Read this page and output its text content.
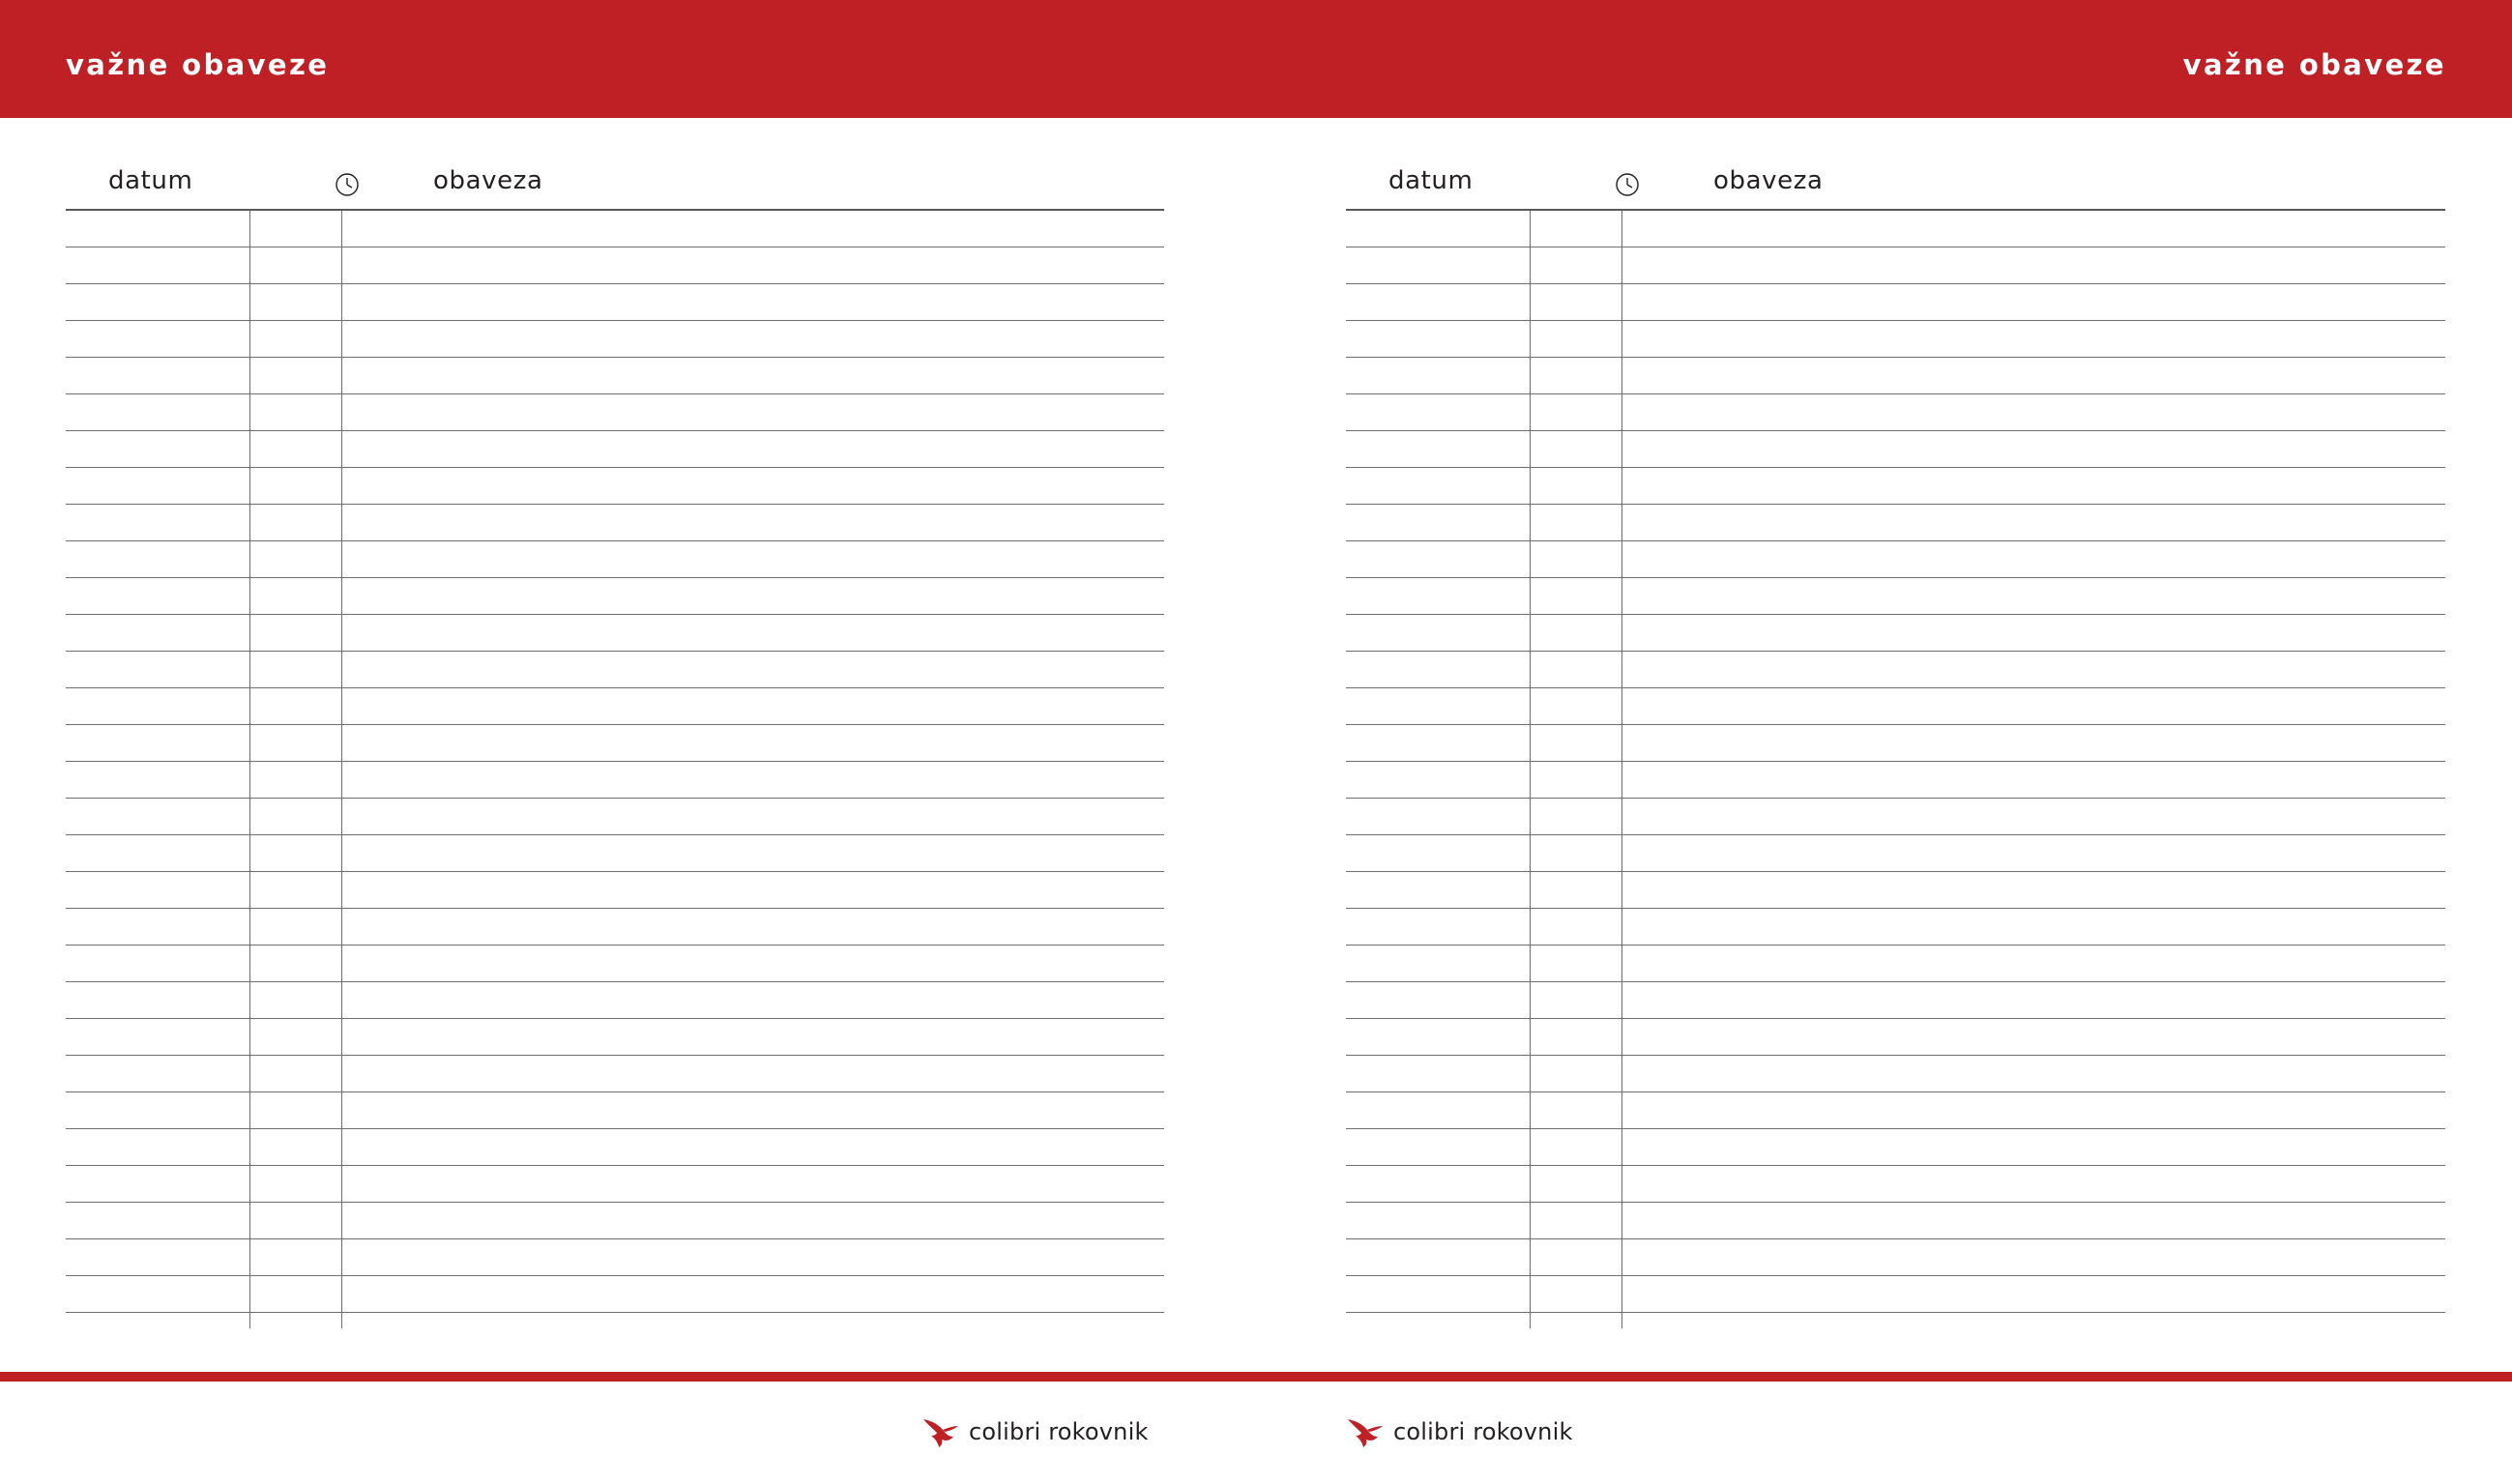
važne obaveze	važne obaveze
datum	obaveza	datum	obaveza
colibri rokovnik	colibri rokovnik
